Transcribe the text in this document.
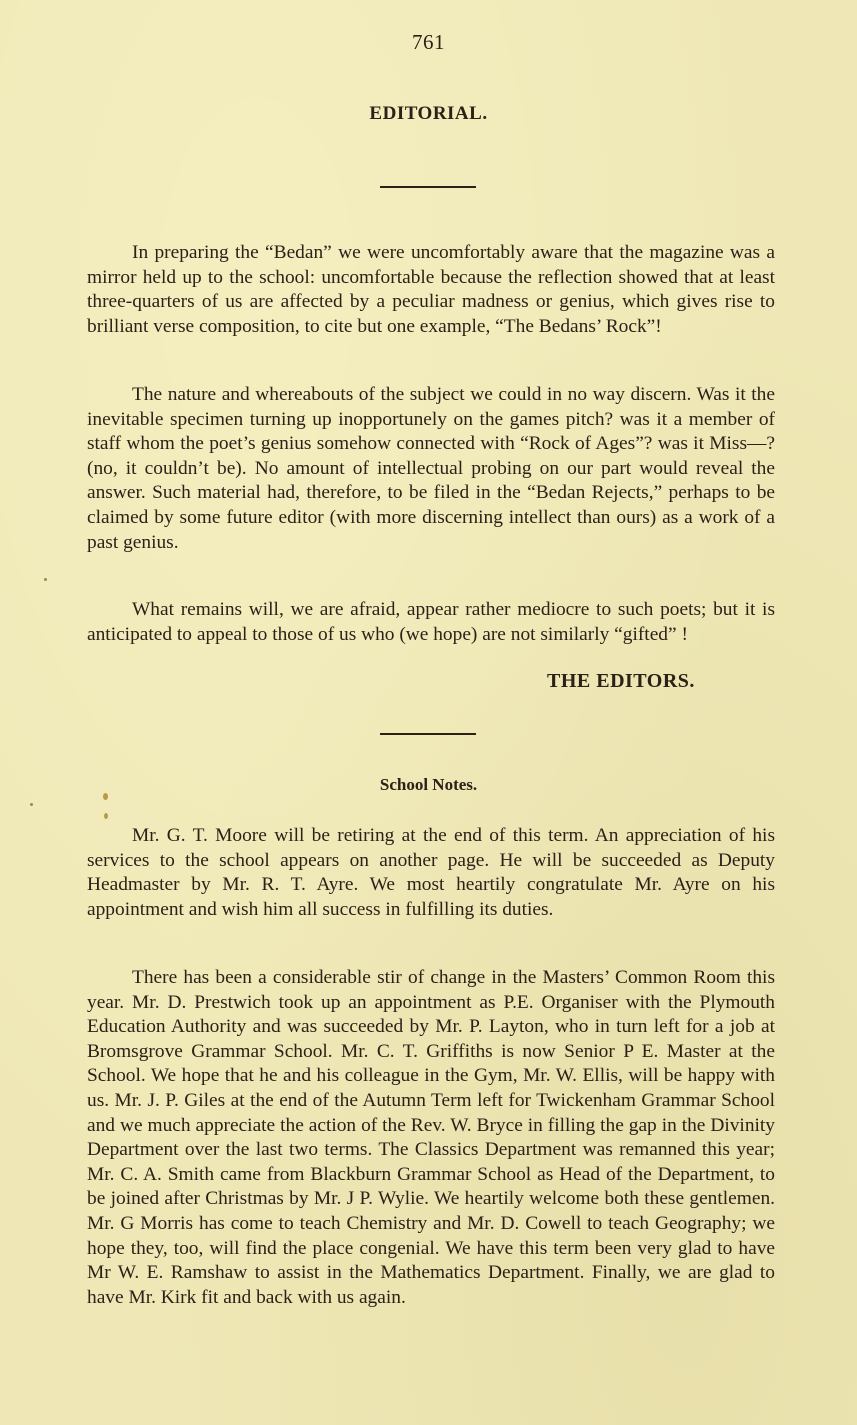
761
EDITORIAL.

In preparing the “Bedan” we were uncomfortably aware that the magazine was a mirror held up to the school: uncomfortable because the reflection showed that at least three-quarters of us are affected by a peculiar madness or genius, which gives rise to brilliant verse composition, to cite but one example, “The Bedans’ Rock”!

The nature and whereabouts of the subject we could in no way discern. Was it the inevitable specimen turning up inopportunely on the games pitch? was it a member of staff whom the poet’s genius somehow connected with “Rock of Ages”? was it Miss—? (no, it couldn’t be). No amount of intellectual probing on our part would reveal the answer. Such material had, therefore, to be filed in the “Bedan Rejects,” perhaps to be claimed by some future editor (with more discerning intellect than ours) as a work of a past genius.

What remains will, we are afraid, appear rather mediocre to such poets; but it is anticipated to appeal to those of us who (we hope) are not similarly “gifted” !

THE EDITORS.
School Notes.

Mr. G. T. Moore will be retiring at the end of this term. An appreciation of his services to the school appears on another page. He will be succeeded as Deputy Headmaster by Mr. R. T. Ayre. We most heartily congratulate Mr. Ayre on his appointment and wish him all success in fulfilling its duties.

There has been a considerable stir of change in the Masters’ Common Room this year. Mr. D. Prestwich took up an appointment as P.E. Organiser with the Plymouth Education Authority and was succeeded by Mr. P. Layton, who in turn left for a job at Bromsgrove Grammar School. Mr. C. T. Griffiths is now Senior P E. Master at the School. We hope that he and his colleague in the Gym, Mr. W. Ellis, will be happy with us. Mr. J. P. Giles at the end of the Autumn Term left for Twickenham Grammar School and we much appreciate the action of the Rev. W. Bryce in filling the gap in the Divinity Department over the last two terms. The Classics Department was remanned this year; Mr. C. A. Smith came from Blackburn Grammar School as Head of the Department, to be joined after Christmas by Mr. J P. Wylie. We heartily welcome both these gentlemen. Mr. G Morris has come to teach Chemistry and Mr. D. Cowell to teach Geography; we hope they, too, will find the place congenial. We have this term been very glad to have Mr W. E. Ramshaw to assist in the Mathematics Department. Finally, we are glad to have Mr. Kirk fit and back with us again.
